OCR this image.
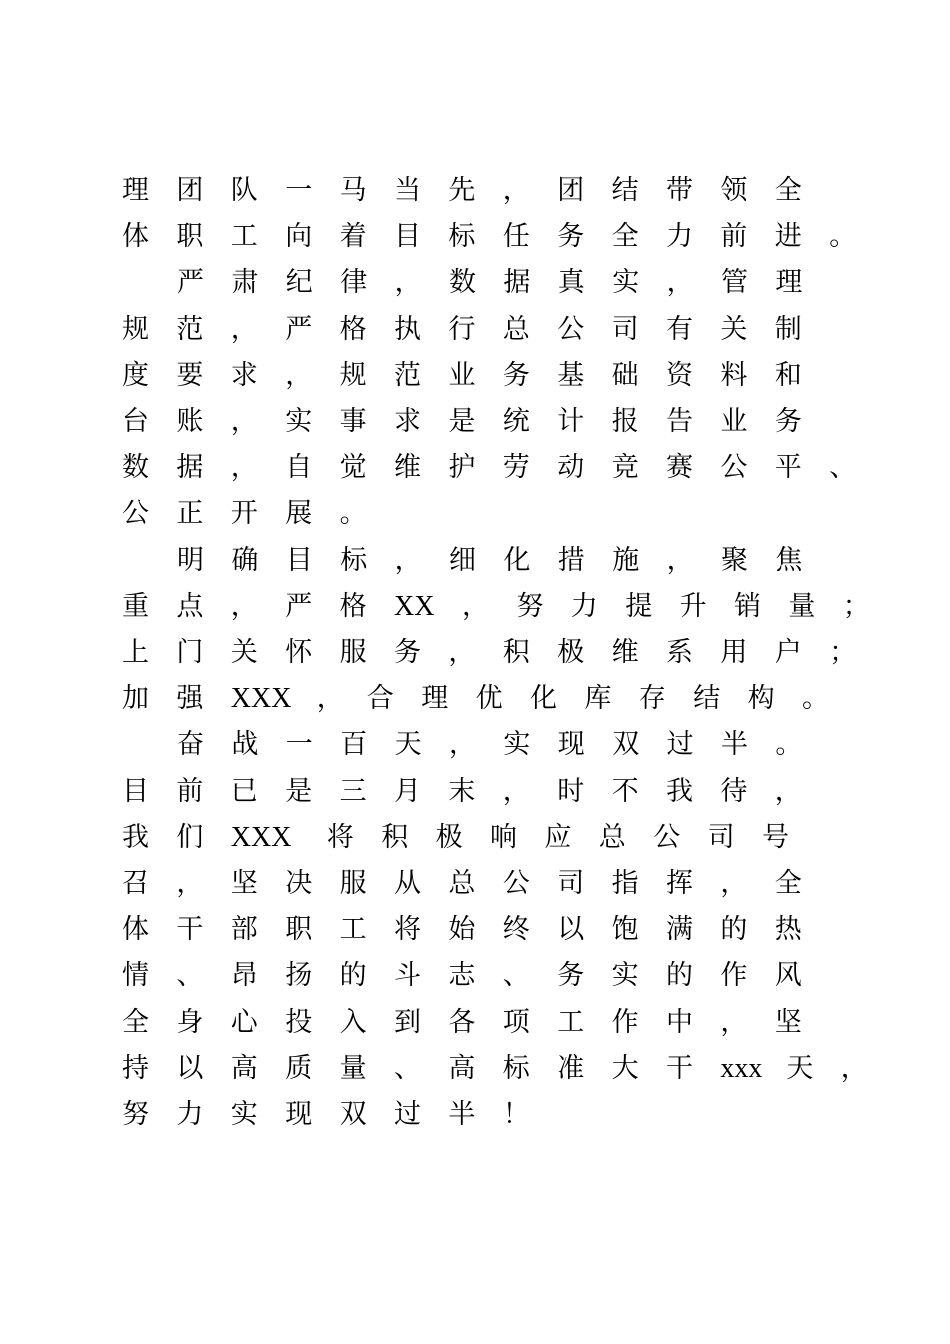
理 团 队 一 马 当 先 ， 团 结 带 领 全
体 职 工 向 着 目 标 任 务 全 力 前 进 。
严 肃 纪 律 ， 数 据 真 实 ， 管 理
规 范 ， 严 格 执 行 总 公 司 有 关 制
度 要 求 ， 规 范 业 务 基 础 资 料 和
台 账 ， 实 事 求 是 统 计 报 告 业 务
数 据 ， 自 觉 维 护 劳 动 竞 赛 公 平 、
公 正 开 展 。
明 确 目 标 ， 细 化 措 施 ， 聚 焦
重 点 ， 严 格 XX ， 努 力 提 升 销 量 ；
上 门 关 怀 服 务 ， 积 极 维 系 用 户 ；
加 强 XXX ， 合 理 优 化 库 存 结 构 。
奋 战 一 百 天 ， 实 现 双 过 半 。
目 前 已 是 三 月 末 ， 时 不 我 待 ，
我 们 XXX 将 积 极 响 应 总 公 司 号
召 ， 坚 决 服 从 总 公 司 指 挥 ， 全
体 干 部 职 工 将 始 终 以 饱 满 的 热
情 、 昂 扬 的 斗 志 、 务 实 的 作 风
全 身 心 投 入 到 各 项 工 作 中 ， 坚
持 以 高 质 量 、 高 标 准 大 干 xxx 天 ，
努 力 实 现 双 过 半 ！
